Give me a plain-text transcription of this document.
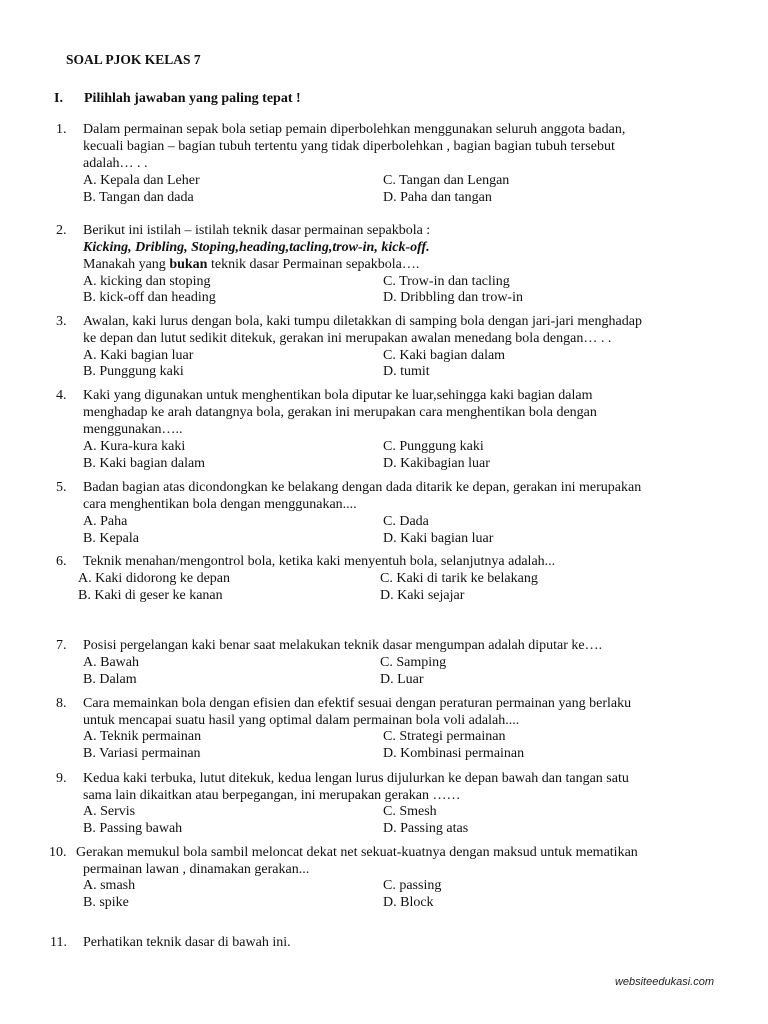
SOAL PJOK KELAS 7
I. Pilihlah jawaban yang paling tepat !
1. Dalam permainan sepak bola setiap pemain diperbolehkan menggunakan seluruh anggota badan,
kecuali bagian – bagian tubuh tertentu yang tidak diperbolehkan , bagian bagian tubuh tersebut
adalah… . .
A. Kepala dan Leher	C. Tangan dan Lengan
B. Tangan dan dada	D. Paha dan tangan
2. Berikut ini istilah – istilah teknik dasar permainan sepakbola :
Kicking, Dribling, Stoping,heading,tacling,trow-in, kick-off.
Manakah yang bukan teknik dasar Permainan sepakbola….
A. kicking dan stoping	C. Trow-in dan tacling
B. kick-off dan heading	D. Dribbling dan trow-in
3. Awalan, kaki lurus dengan bola, kaki tumpu diletakkan di samping bola dengan jari-jari menghadap
ke depan dan lutut sedikit ditekuk, gerakan ini merupakan awalan menedang bola dengan… . .
A. Kaki bagian luar	C. Kaki bagian dalam
B. Punggung kaki	D. tumit
4. Kaki yang digunakan untuk menghentikan bola diputar ke luar,sehingga kaki bagian dalam
menghadap ke arah datangnya bola, gerakan ini merupakan cara menghentikan bola dengan
menggunakan…..
A. Kura-kura kaki	C. Punggung kaki
B. Kaki bagian dalam	D. Kakibagian luar
5. Badan bagian atas dicondongkan ke belakang dengan dada ditarik ke depan, gerakan ini merupakan
cara menghentikan bola dengan menggunakan....
A. Paha	C. Dada
B. Kepala	D. Kaki bagian luar
6. Teknik menahan/mengontrol bola, ketika kaki menyentuh bola, selanjutnya adalah...
A. Kaki didorong ke depan	C. Kaki di tarik ke belakang
B. Kaki di geser ke kanan	D. Kaki sejajar
7. Posisi pergelangan kaki benar saat melakukan teknik dasar mengumpan adalah diputar ke….
A. Bawah	C. Samping
B. Dalam	D. Luar
8. Cara memainkan bola dengan efisien dan efektif sesuai dengan peraturan permainan yang berlaku
untuk mencapai suatu hasil yang optimal dalam permainan bola voli adalah....
A. Teknik permainan	C. Strategi permainan
B. Variasi permainan	D. Kombinasi permainan
9. Kedua kaki terbuka, lutut ditekuk, kedua lengan lurus dijulurkan ke depan bawah dan tangan satu
sama lain dikaitkan atau berpegangan, ini merupakan gerakan ……
A. Servis	C. Smesh
B. Passing bawah	D. Passing atas
10. Gerakan memukul bola sambil meloncat dekat net sekuat-kuatnya dengan maksud untuk mematikan
permainan lawan , dinamakan gerakan...
A. smash	C. passing
B. spike	D. Block
11. Perhatikan teknik dasar di bawah ini.
websiteedukasi.com
